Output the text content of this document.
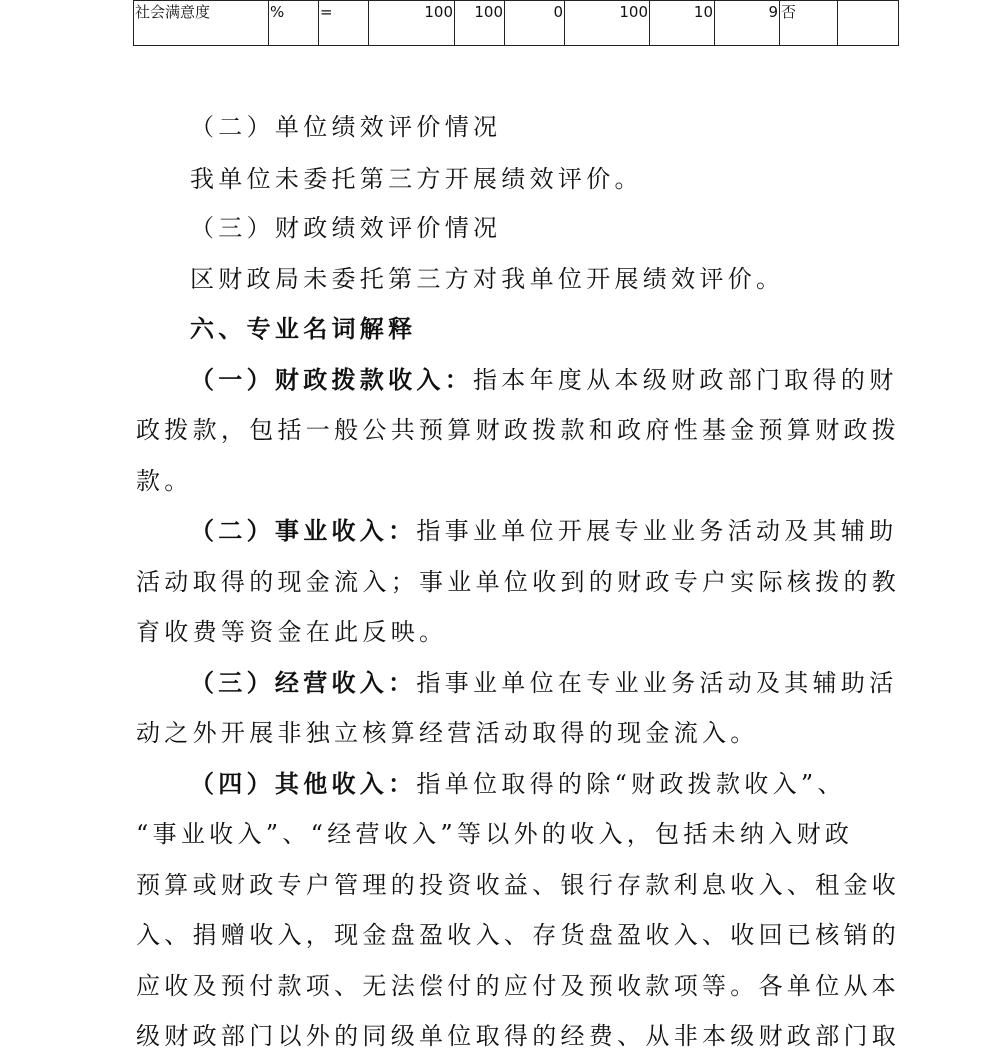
社会满意度	%	=	100	100	0	100	10	9	否	

（二）单位绩效评价情况

我单位未委托第三方开展绩效评价。

（三）财政绩效评价情况

区财政局未委托第三方对我单位开展绩效评价。

六、专业名词解释

（一）财政拨款收入：指本年度从本级财政部门取得的财

政拨款，包括一般公共预算财政拨款和政府性基金预算财政拨

款。

（二）事业收入：指事业单位开展专业业务活动及其辅助

活动取得的现金流入；事业单位收到的财政专户实际核拨的教

育收费等资金在此反映。

（三）经营收入：指事业单位在专业业务活动及其辅助活

动之外开展非独立核算经营活动取得的现金流入。

（四）其他收入：指单位取得的除“财政拨款收入”、

“事业收入”、“经营收入”等以外的收入，包括未纳入财政

预算或财政专户管理的投资收益、银行存款利息收入、租金收

入、捐赠收入，现金盘盈收入、存货盘盈收入、收回已核销的

应收及预付款项、无法偿付的应付及预收款项等。各单位从本

级财政部门以外的同级单位取得的经费、从非本级财政部门取
